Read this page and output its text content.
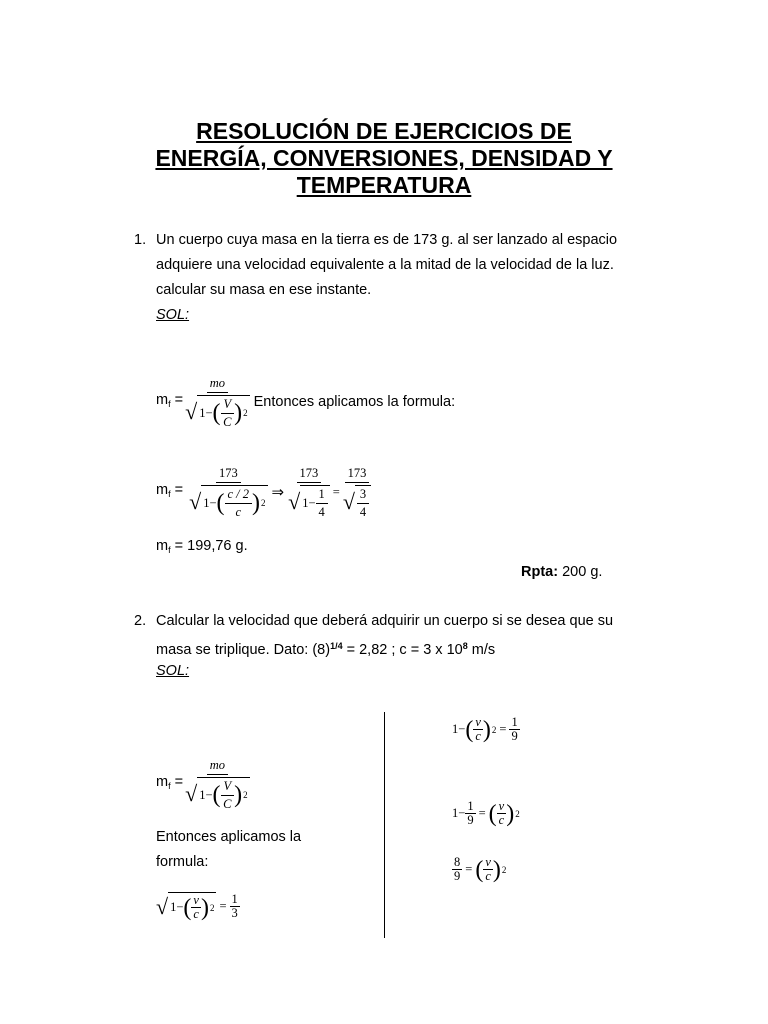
RESOLUCIÓN DE EJERCICIOS DE
ENERGÍA, CONVERSIONES, DENSIDAD Y
TEMPERATURA
1. Un cuerpo cuya masa en la tierra es de 173 g. al ser lanzado al espacio
adquiere una velocidad equivalente a la mitad de la velocidad de la luz.
calcular su masa en ese instante.
SOL:
$m_f = \frac{mo}{√ 1 - ( \frac{V}{C} ) 2}$ Entonces aplicamos la formula:
$m_f = \frac{173}{√ 1 - ( \frac{c / 2}{c} ) 2}$ ⇒ $\frac{173}{√ 1 - \frac{1}{4}} = \frac{173}{√ \frac{3}{4}}$
$m_f = 199,76$ g.
Rpta: 200 g.
2. Calcular la velocidad que deberá adquirir un cuerpo si se desea que su
masa se triplique. Dato: $(8)^{1/4} = 2,82$ ; c = 3 x $10^8$ m/s
SOL:
$m_f = \frac{mo}{√ 1 - ( \frac{V}{C} ) 2}$
Entonces aplicamos la
formula:
√ 1 − ( $\frac{v}{c}$ ) $2 = \frac{1}{3}$
1 − ( $\frac{v}{c}$ ) $2 = \frac{1}{9}$
$1 - \frac{1}{9}$ = ( $\frac{v}{c}$ ) 2
$\frac{8}{9}$ = ( $\frac{v}{c}$ ) 2
